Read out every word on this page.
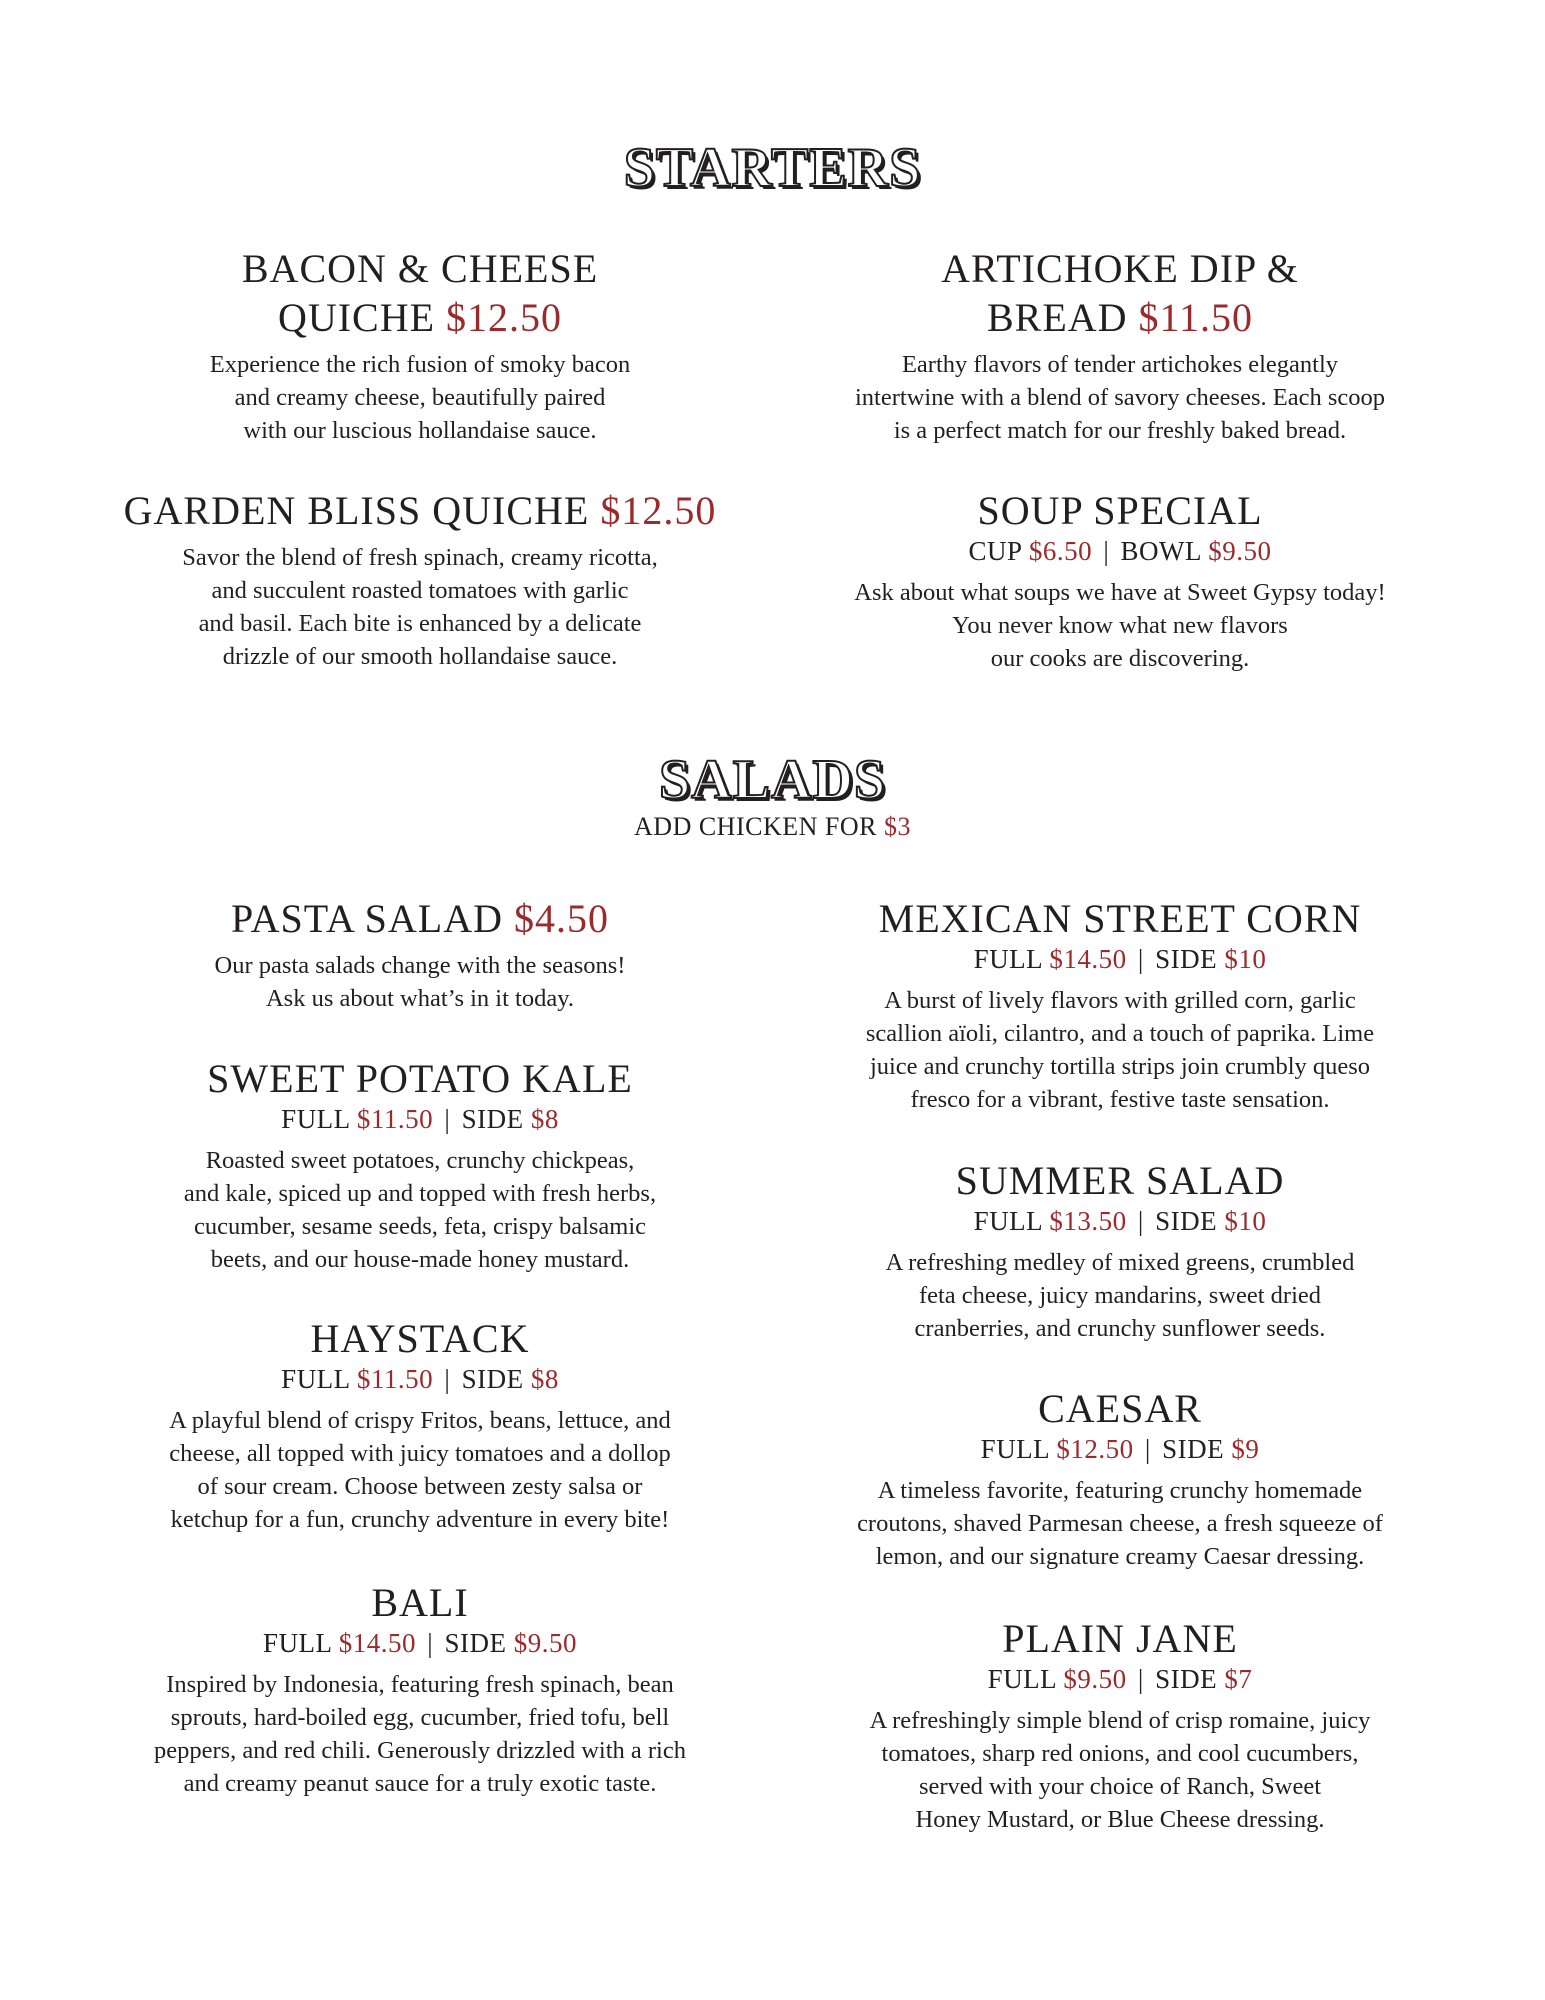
STARTERS
BACON & CHEESE
QUICHE $12.50
Experience the rich fusion of smoky bacon
and creamy cheese, beautifully paired
with our luscious hollandaise sauce.
ARTICHOKE DIP &
BREAD $11.50
Earthy flavors of tender artichokes elegantly
intertwine with a blend of savory cheeses. Each scoop
is a perfect match for our freshly baked bread.
GARDEN BLISS QUICHE $12.50
Savor the blend of fresh spinach, creamy ricotta,
and succulent roasted tomatoes with garlic
and basil. Each bite is enhanced by a delicate
drizzle of our smooth hollandaise sauce.
SOUP SPECIAL
CUP $6.50 | BOWL $9.50
Ask about what soups we have at Sweet Gypsy today!
You never know what new flavors
our cooks are discovering.
SALADS
ADD CHICKEN FOR $3
PASTA SALAD $4.50
Our pasta salads change with the seasons!
Ask us about what’s in it today.
SWEET POTATO KALE
FULL $11.50 | SIDE $8
Roasted sweet potatoes, crunchy chickpeas,
and kale, spiced up and topped with fresh herbs,
cucumber, sesame seeds, feta, crispy balsamic
beets, and our house-made honey mustard.
HAYSTACK
FULL $11.50 | SIDE $8
A playful blend of crispy Fritos, beans, lettuce, and
cheese, all topped with juicy tomatoes and a dollop
of sour cream. Choose between zesty salsa or
ketchup for a fun, crunchy adventure in every bite!
BALI
FULL $14.50 | SIDE $9.50
Inspired by Indonesia, featuring fresh spinach, bean
sprouts, hard-boiled egg, cucumber, fried tofu, bell
peppers, and red chili. Generously drizzled with a rich
and creamy peanut sauce for a truly exotic taste.
MEXICAN STREET CORN
FULL $14.50 | SIDE $10
A burst of lively flavors with grilled corn, garlic
scallion aïoli, cilantro, and a touch of paprika. Lime
juice and crunchy tortilla strips join crumbly queso
fresco for a vibrant, festive taste sensation.
SUMMER SALAD
FULL $13.50 | SIDE $10
A refreshing medley of mixed greens, crumbled
feta cheese, juicy mandarins, sweet dried
cranberries, and crunchy sunflower seeds.
CAESAR
FULL $12.50 | SIDE $9
A timeless favorite, featuring crunchy homemade
croutons, shaved Parmesan cheese, a fresh squeeze of
lemon, and our signature creamy Caesar dressing.
PLAIN JANE
FULL $9.50 | SIDE $7
A refreshingly simple blend of crisp romaine, juicy
tomatoes, sharp red onions, and cool cucumbers,
served with your choice of Ranch, Sweet
Honey Mustard, or Blue Cheese dressing.
